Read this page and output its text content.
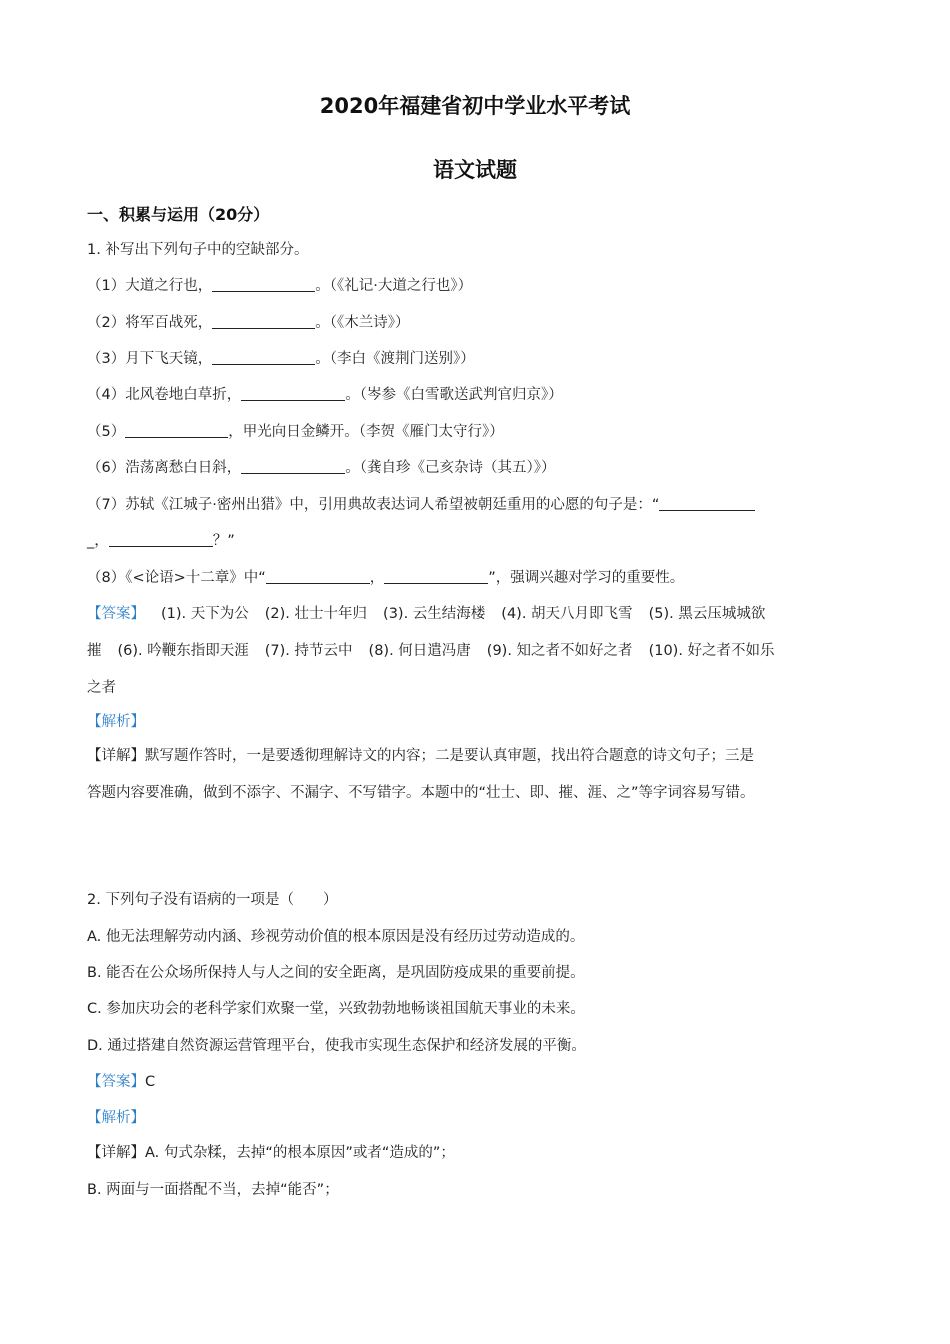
2020年福建省初中学业水平考试
语文试题
一、积累与运用（20分）
1. 补写出下列句子中的空缺部分。
（1）大道之行也，	。（《礼记·大道之行也》）
（2）将军百战死，	。（《木兰诗》）
（3）月下飞天镜，	。（李白《渡荆门送别》）
（4）北风卷地白草折，	。（岑参《白雪歌送武判官归京》）
（5）	，甲光向日金鳞开。（李贺《雁门太守行》）
（6）浩荡离愁白日斜，	。（龚自珍《己亥杂诗（其五）》）
（7）苏轼《江城子·密州出猎》中，引用典故表达词人希望被朝廷重用的心愿的句子是：“
_，	？”
（8）《<论语>十二章》中“	，	”，强调兴趣对学习的重要性。
【答案】 (1). 天下为公 (2). 壮士十年归 (3). 云生结海楼 (4). 胡天八月即飞雪 (5). 黑云压城城欲
摧 (6). 吟鞭东指即天涯 (7). 持节云中 (8). 何日遣冯唐 (9). 知之者不如好之者 (10). 好之者不如乐
之者
【解析】
【详解】默写题作答时，一是要透彻理解诗文的内容；二是要认真审题，找出符合题意的诗文句子；三是
答题内容要准确，做到不添字、不漏字、不写错字。本题中的“壮士、即、摧、涯、之”等字词容易写错。
2. 下列句子没有语病的一项是（　　）
A. 他无法理解劳动内涵、珍视劳动价值的根本原因是没有经历过劳动造成的。
B. 能否在公众场所保持人与人之间的安全距离，是巩固防疫成果的重要前提。
C. 参加庆功会的老科学家们欢聚一堂，兴致勃勃地畅谈祖国航天事业的未来。
D. 通过搭建自然资源运营管理平台，使我市实现生态保护和经济发展的平衡。
【答案】C
【解析】
【详解】A. 句式杂糅，去掉“的根本原因”或者“造成的”；
B. 两面与一面搭配不当，去掉“能否”；
